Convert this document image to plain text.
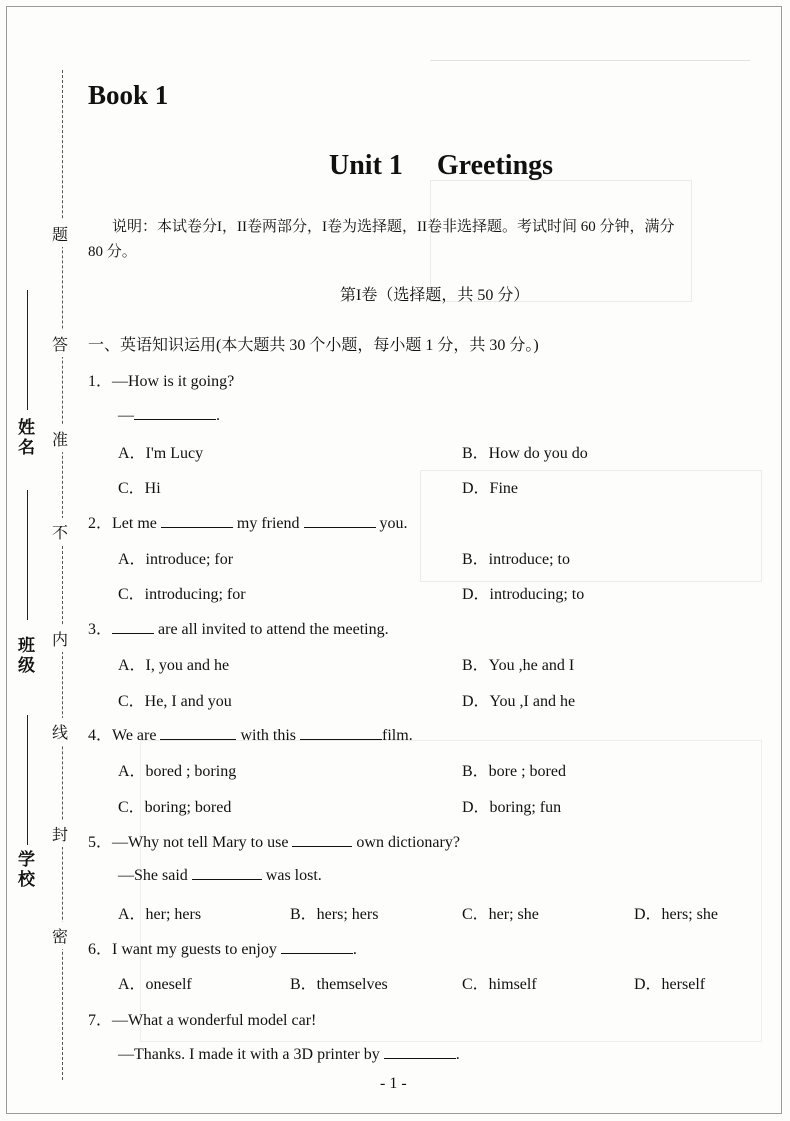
题
答
准
不
内
线
封
密
姓名
班级
学校
Book 1
Unit 1 Greetings
说明：本试卷分I，II卷两部分，I卷为选择题，II卷非选择题。考试时间 60 分钟，满分
80 分。
第I卷（选择题，共 50 分）
一、英语知识运用(本大题共 30 个小题，每小题 1 分，共 30 分。)
1．—How is it going?
—	.
A．I'm Lucy	B．How do you do
C．Hi	D．Fine
2．Let me	my friend	you.
A．introduce; for	B．introduce; to
C．introducing; for	D．introducing; to
3．	are all invited to attend the meeting.
A．I, you and he	B．You ,he and I
C．He, I and you	D．You ,I and he
4．We are	with this	film.
A．bored ; boring	B．bore ; bored
C．boring; bored	D．boring; fun
5．—Why not tell Mary to use	own dictionary?
—She said	was lost.
A．her; hers	B．hers; hers	C．her; she	D．hers; she
6．I want my guests to enjoy	.
A．oneself	B．themselves	C．himself	D．herself
7．—What a wonderful model car!
—Thanks. I made it with a 3D printer by	.
- 1 -
